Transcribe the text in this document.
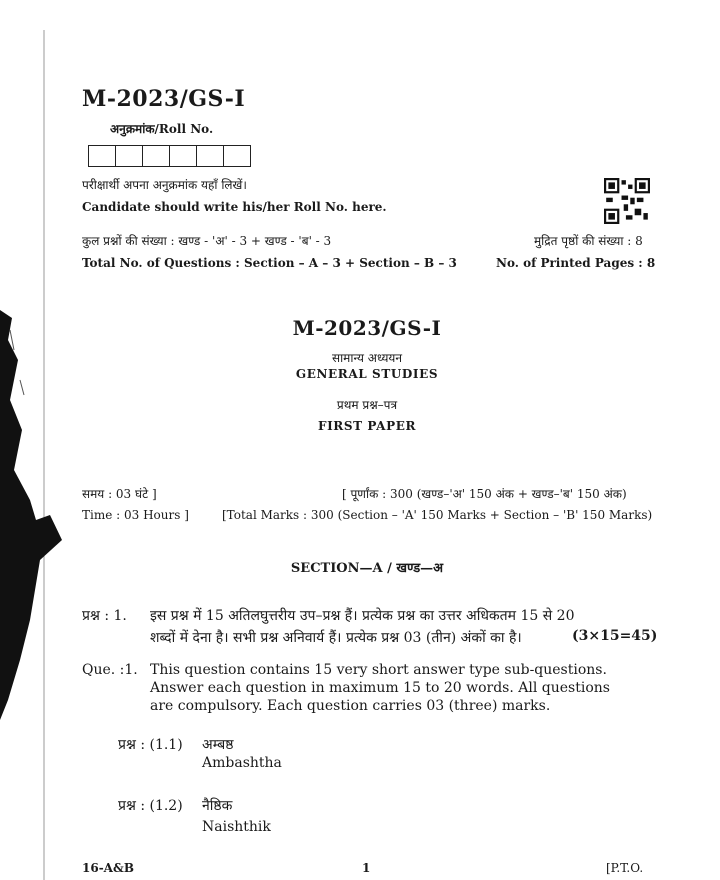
M-2023/GS-I
अनुक्रमांक/Roll No.
परीक्षार्थी अपना अनुक्रमांक यहाँ लिखें।
Candidate should write his/her Roll No. here.
कुल प्रश्नों की संख्या : खण्ड - 'अ' - 3 + खण्ड - 'ब' - 3	मुद्रित पृष्ठों की संख्या : 8
Total No. of Questions : Section – A – 3 + Section – B – 3	No. of Printed Pages : 8
M-2023/GS-I
सामान्य अध्ययन
GENERAL STUDIES
प्रथम प्रश्न–पत्र
FIRST PAPER
समय : 03 घंटे ]	[ पूर्णांक : 300 (खण्ड–'अ' 150 अंक + खण्ड–'ब' 150 अंक)
Time : 03 Hours ]	[Total Marks : 300 (Section – 'A' 150 Marks + Section – 'B' 150 Marks)
SECTION—A / खण्ड—अ
प्रश्न : 1. इस प्रश्न में 15 अतिलघुत्तरीय उप–प्रश्न हैं। प्रत्येक प्रश्न का उत्तर अधिकतम 15 से 20
शब्दों में देना है। सभी प्रश्न अनिवार्य हैं। प्रत्येक प्रश्न 03 (तीन) अंकों का है।	(3×15=45)
Que. :1. This question contains 15 very short answer type sub-questions.
Answer each question in maximum 15 to 20 words. All questions
are compulsory. Each question carries 03 (three) marks.
प्रश्न : (1.1) अम्बष्ठ
Ambashtha
प्रश्न : (1.2) नैष्ठिक
Naishthik
16-A&B	1	[P.T.O.
